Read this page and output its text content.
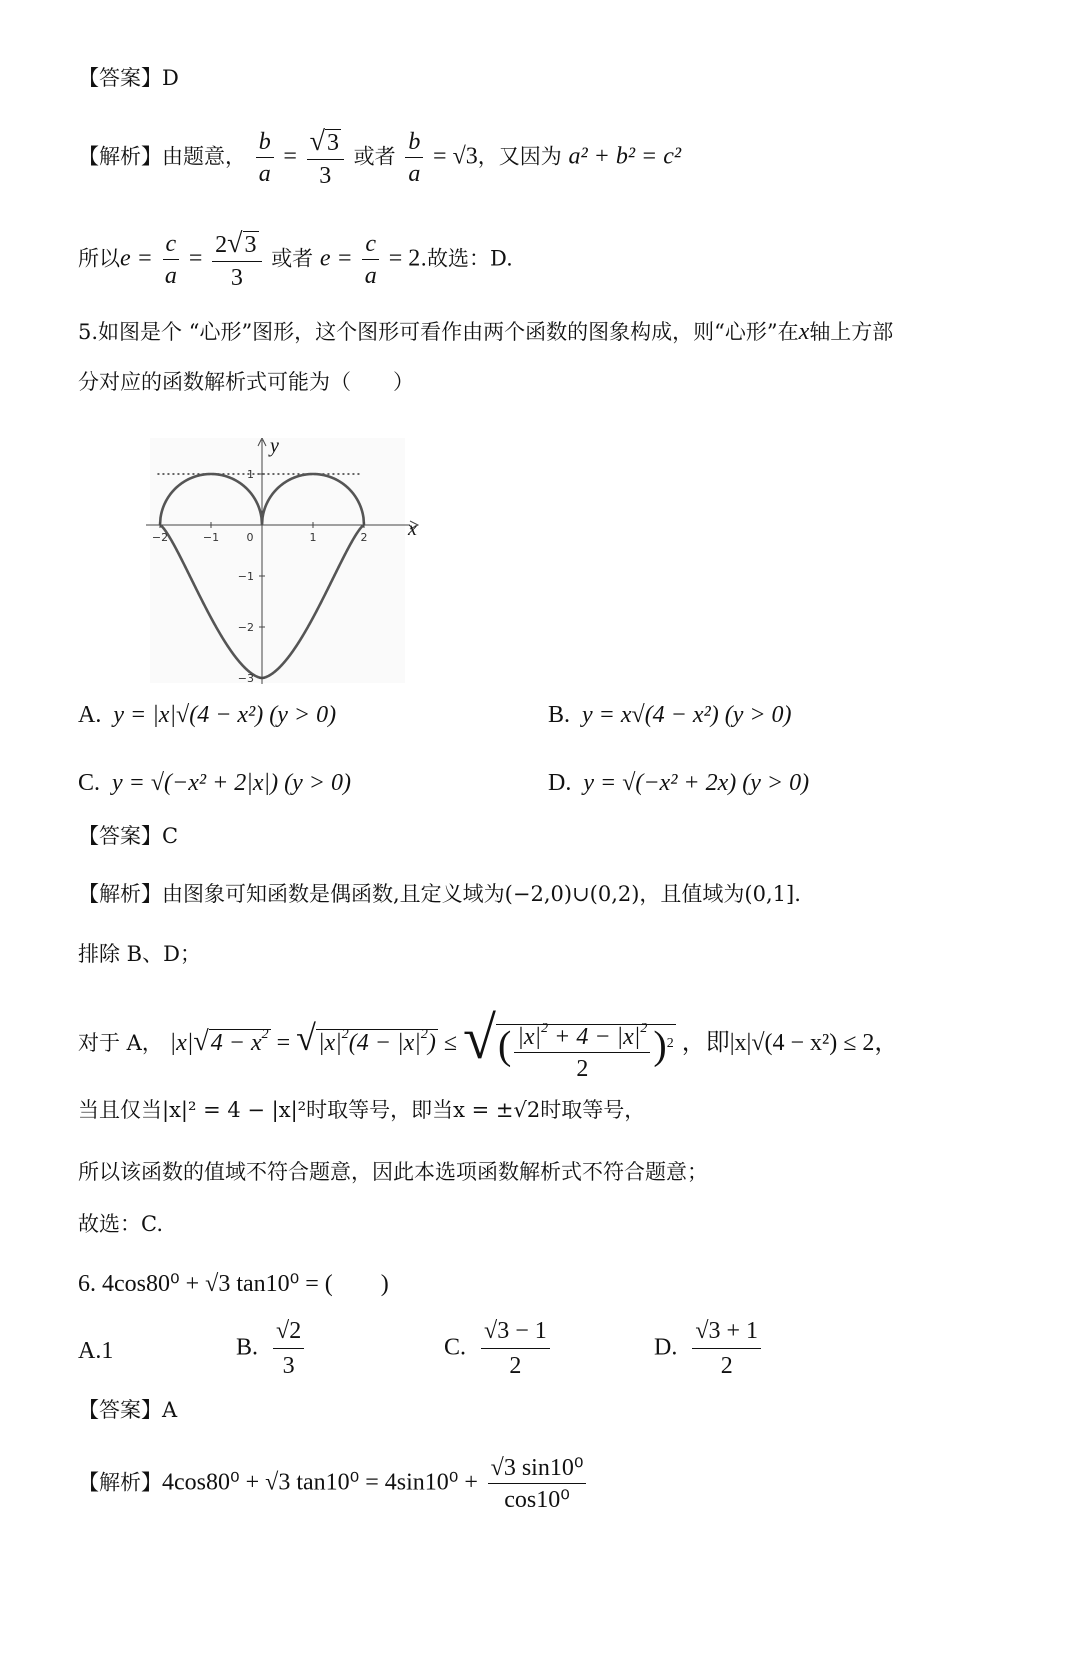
【答案】D
【解析】由题意， $\frac{b}{a} = \frac{√3}{3}$ 或者 $\frac{b}{a} = √3$，又因为 a² + b² = c²
所以$e = \frac{c}{a} = \frac{2√3}{3}$ 或者 $e = \frac{c}{a} = 2$.故选：D.
5.如图是个 “心形”图形，这个图形可看作由两个函数的图象构成，则“心形”在x轴上方部
分对应的函数解析式可能为（　　）
−2	−1 0	1	2
1
−1
−2
−3
x
y
A. y = |x|√(4 − x²) (y > 0)	B. y = x√(4 − x²) (y > 0)
C. y = √(−x² + 2|x|) (y > 0)	D. y = √(−x² + 2x) (y > 0)
【答案】C
【解析】由图象可知函数是偶函数,且定义域为(−2,0)∪(0,2)，且值域为(0,1].
排除 B、D；
对于 A， $|x|√4 - x^2 = √|x|^2(4 - |x|^2)$ ≤ √( $\frac{|x|^2 + 4 - |x|^2}{2} )^2$ ，即|x|√(4 − x²) ≤ 2，
当且仅当|x|² = 4 − |x|²时取等号，即当x = ±√2时取等号，
所以该函数的值域不符合题意，因此本选项函数解析式不符合题意；
故选：C.
6. 4cos80⁰ + √3 tan10⁰ = (　　)
A.1	B. $\frac{√2}{3}$	C. $\frac{√3 - 1}{2}$	D. $\frac{√3 + 1}{2}$
【答案】A
【解析】4cos80⁰ + √3 $\tan 10^0 = 4\sin 10^0 + \frac{\text{√3 sin10⁰}}{\text{cos10⁰}}$
